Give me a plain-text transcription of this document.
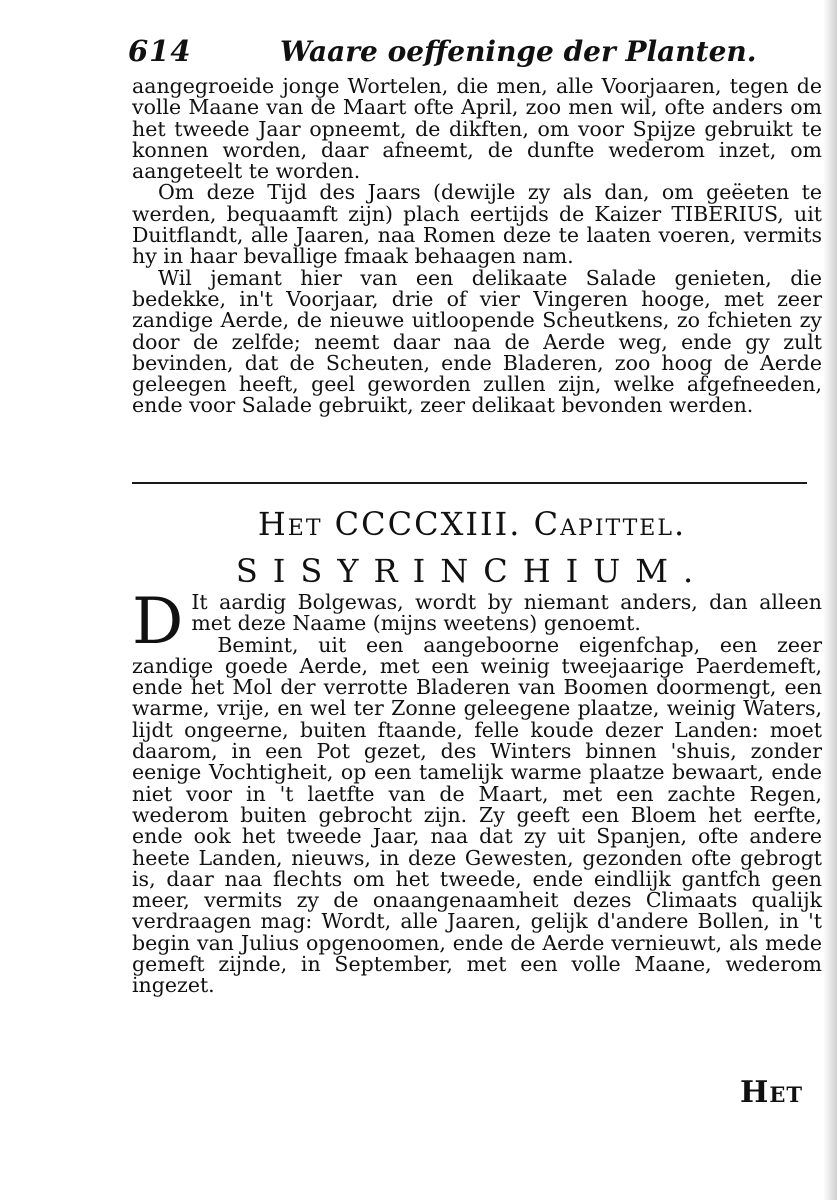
614	Waare oeffeninge der Planten.

aangegroeide jonge Wortelen, die men, alle Voorjaaren, tegen de volle Maane van de Maart ofte April, zoo men wil, ofte anders om het tweede Jaar opneemt, de dikften, om voor Spijze gebruikt te konnen worden, daar afneemt, de dunfte wederom inzet, om aangeteelt te worden.

Om deze Tijd des Jaars (dewijle zy als dan, om geëeten te werden, bequaamft zijn) plach eertijds de Kaizer TIBERIUS, uit Duitflandt, alle Jaaren, naa Romen deze te laaten voeren, vermits hy in haar bevallige fmaak behaagen nam.

Wil jemant hier van een delikaate Salade genieten, die bedekke, in't Voorjaar, drie of vier Vingeren hooge, met zeer zandige Aerde, de nieuwe uitloopende Scheutkens, zo fchieten zy door de zelfde; neemt daar naa de Aerde weg, ende gy zult bevinden, dat de Scheuten, ende Bladeren, zoo hoog de Aerde geleegen heeft, geel geworden zullen zijn, welke afgefneeden, ende voor Salade gebruikt, zeer delikaat bevonden werden.

Het CCCCXIII. Capittel.
SISYRINCHIUM.

D It aardig Bolgewas, wordt by niemant anders, dan alleen met deze Naame (mijns weetens) genoemt.

Bemint, uit een aangeboorne eigenfchap, een zeer zandige goede Aerde, met een weinig tweejaarige Paerdemeft, ende het Mol der verrotte Bladeren van Boomen doormengt, een warme, vrije, en wel ter Zonne geleegene plaatze, weinig Waters, lijdt ongeerne, buiten ftaande, felle koude dezer Landen: moet daarom, in een Pot gezet, des Winters binnen 'shuis, zonder eenige Vochtigheit, op een tamelijk warme plaatze bewaart, ende niet voor in 't laetfte van de Maart, met een zachte Regen, wederom buiten gebrocht zijn. Zy geeft een Bloem het eerfte, ende ook het tweede Jaar, naa dat zy uit Spanjen, ofte andere heete Landen, nieuws, in deze Gewesten, gezonden ofte gebrogt is, daar naa flechts om het tweede, ende eindlijk gantfch geen meer, vermits zy de onaangenaamheit dezes Climaats qualijk verdraagen mag: Wordt, alle Jaaren, gelijk d'andere Bollen, in 't begin van Julius opgenoomen, ende de Aerde vernieuwt, als mede gemeft zijnde, in September, met een volle Maane, wederom ingezet.

Het
